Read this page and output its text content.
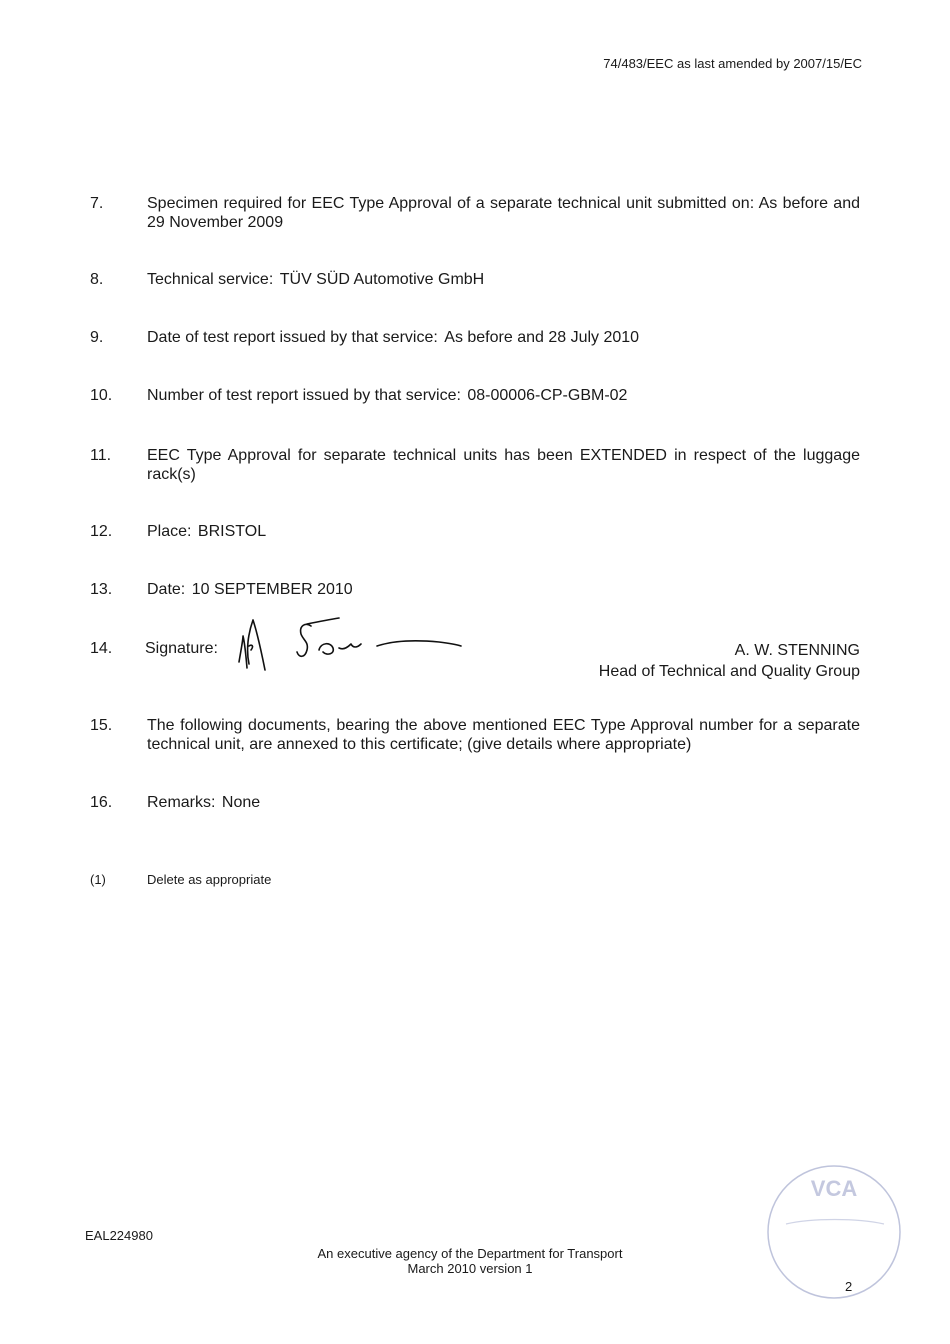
74/483/EEC as last amended by 2007/15/EC
7.	Specimen required for EEC Type Approval of a separate technical unit submitted on: As before and 29 November 2009
8.	Technical service: TÜV SÜD Automotive GmbH
9.	Date of test report issued by that service: As before and 28 July 2010
10.	Number of test report issued by that service: 08-00006-CP-GBM-02
11.	EEC Type Approval for separate technical units has been EXTENDED in respect of the luggage rack(s)
12.	Place: BRISTOL
13.	Date: 10 SEPTEMBER 2010
14. Signature:	A. W. STENNING
Head of Technical and Quality Group
15.	The following documents, bearing the above mentioned EEC Type Approval number for a separate technical unit, are annexed to this certificate; (give details where appropriate)
16.	Remarks: None
(1)	Delete as appropriate
EAL224980
An executive agency of the Department for Transport
March 2010 version 1
VCA
2
